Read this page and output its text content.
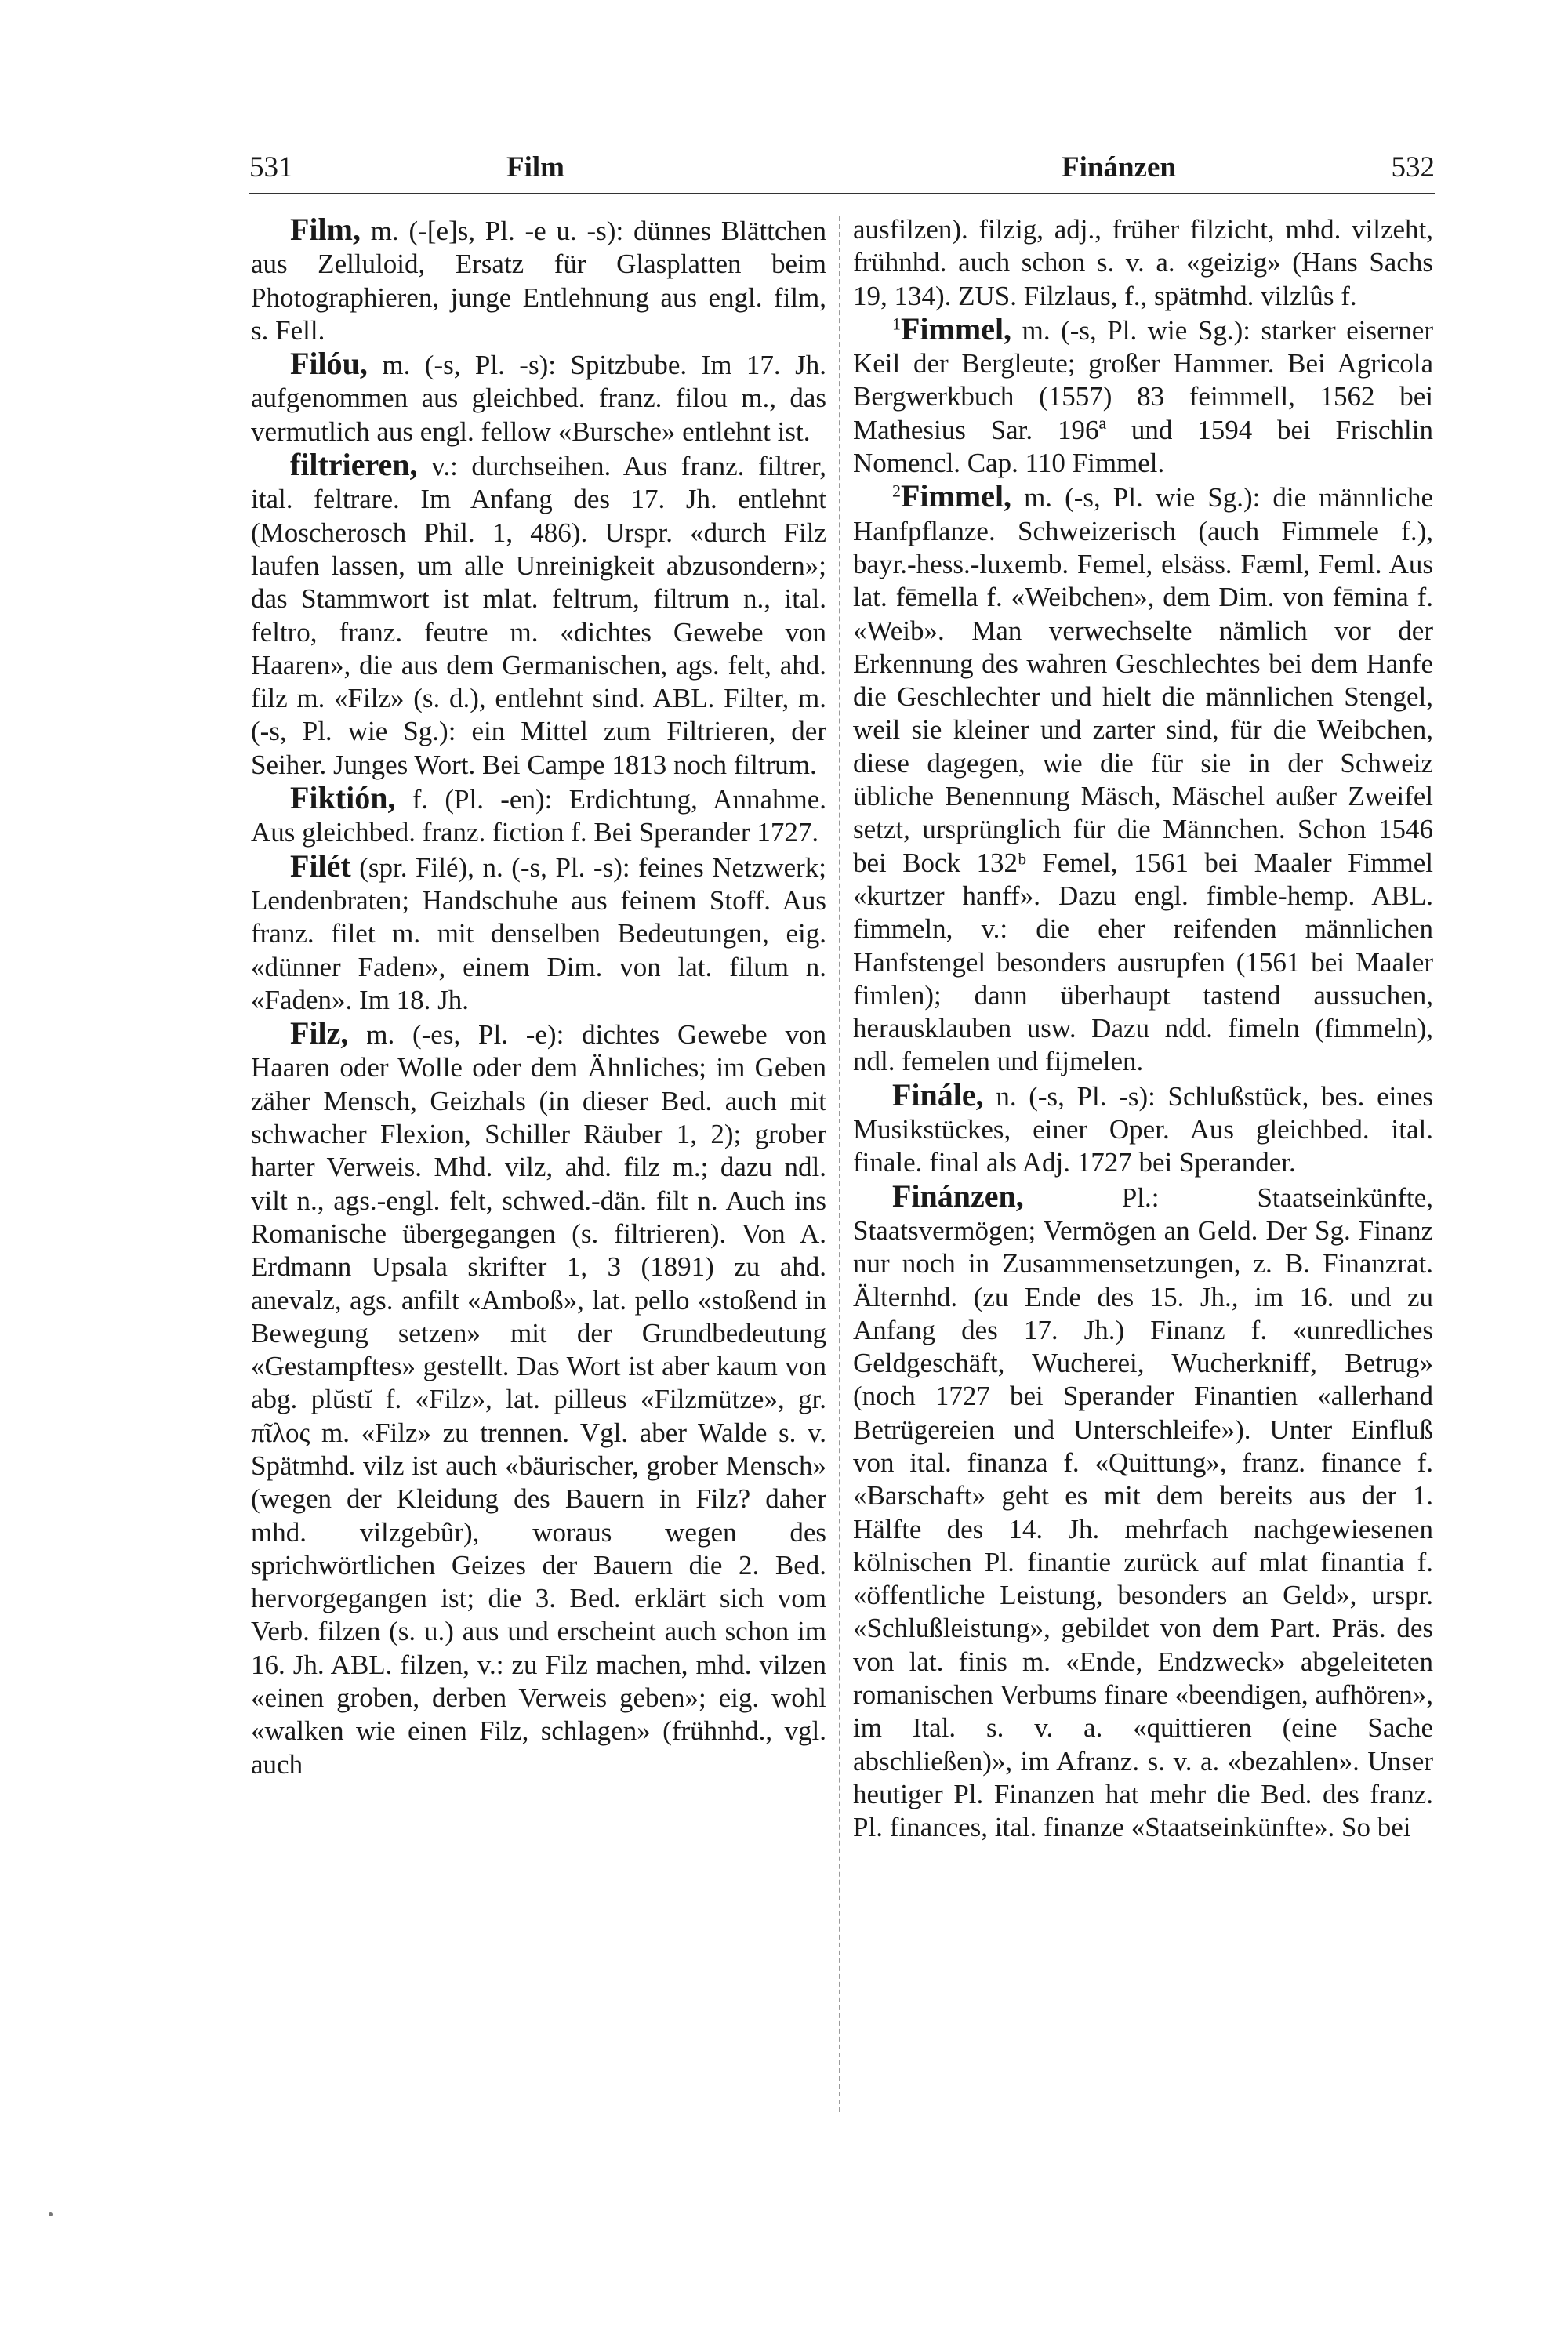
531	Film	Finánzen	532

Film, m. (-[e]s, Pl. -e u. -s): dünnes Blättchen aus Zelluloid, Ersatz für Glasplatten beim Photographieren, junge Entlehnung aus engl. film, s. Fell.

Filóu, m. (-s, Pl. -s): Spitzbube. Im 17. Jh. aufgenommen aus gleichbed. franz. filou m., das vermutlich aus engl. fellow «Bursche» entlehnt ist.

filtrieren, v.: durchseihen. Aus franz. filtrer, ital. feltrare. Im Anfang des 17. Jh. entlehnt (Moscherosch Phil. 1, 486). Urspr. «durch Filz laufen lassen, um alle Unreinigkeit abzusondern»; das Stammwort ist mlat. feltrum, filtrum n., ital. feltro, franz. feutre m. «dichtes Gewebe von Haaren», die aus dem Germanischen, ags. felt, ahd. filz m. «Filz» (s. d.), entlehnt sind. ABL. Filter, m. (-s, Pl. wie Sg.): ein Mittel zum Filtrieren, der Seiher. Junges Wort. Bei Campe 1813 noch filtrum.

Fiktión, f. (Pl. -en): Erdichtung, Annahme. Aus gleichbed. franz. fiction f. Bei Sperander 1727.

Filét (spr. Filé), n. (-s, Pl. -s): feines Netzwerk; Lendenbraten; Handschuhe aus feinem Stoff. Aus franz. filet m. mit denselben Bedeutungen, eig. «dünner Faden», einem Dim. von lat. filum n. «Faden». Im 18. Jh.

Filz, m. (-es, Pl. -e): dichtes Gewebe von Haaren oder Wolle oder dem Ähnliches; im Geben zäher Mensch, Geizhals (in dieser Bed. auch mit schwacher Flexion, Schiller Räuber 1, 2); grober harter Verweis. Mhd. vilz, ahd. filz m.; dazu ndl. vilt n., ags.-engl. felt, schwed.-dän. filt n. Auch ins Romanische übergegangen (s. filtrieren). Von A. Erdmann Upsala skrifter 1, 3 (1891) zu ahd. anevalz, ags. anfilt «Amboß», lat. pello «stoßend in Bewegung setzen» mit der Grundbedeutung «Gestampftes» gestellt. Das Wort ist aber kaum von abg. plŭstĭ f. «Filz», lat. pilleus «Filzmütze», gr. πῖλος m. «Filz» zu trennen. Vgl. aber Walde s. v. Spätmhd. vilz ist auch «bäurischer, grober Mensch» (wegen der Kleidung des Bauern in Filz? daher mhd. vilzgebûr), woraus wegen des sprichwörtlichen Geizes der Bauern die 2. Bed. hervorgegangen ist; die 3. Bed. erklärt sich vom Verb. filzen (s. u.) aus und erscheint auch schon im 16. Jh. ABL. filzen, v.: zu Filz machen, mhd. vilzen «einen groben, derben Verweis geben»; eig. wohl «walken wie einen Filz, schlagen» (frühnhd., vgl. auch

ausfilzen). filzig, adj., früher filzicht, mhd. vilzeht, frühnhd. auch schon s. v. a. «geizig» (Hans Sachs 19, 134). ZUS. Filzlaus, f., spätmhd. vilzlûs f.

$^1$Fimmel, m. (-s, Pl. wie Sg.): starker eiserner Keil der Bergleute; großer Hammer. Bei Agricola Bergwerkbuch (1557) 83 feimmell, 1562 bei Mathesius Sar. 196ª und 1594 bei Frischlin Nomencl. Cap. 110 Fimmel.

$^2$Fimmel, m. (-s, Pl. wie Sg.): die männliche Hanfpflanze. Schweizerisch (auch Fimmele f.), bayr.-hess.-luxemb. Femel, elsäss. Fæml, Feml. Aus lat. fēmella f. «Weibchen», dem Dim. von fēmina f. «Weib». Man verwechselte nämlich vor der Erkennung des wahren Geschlechtes bei dem Hanfe die Geschlechter und hielt die männlichen Stengel, weil sie kleiner und zarter sind, für die Weibchen, diese dagegen, wie die für sie in der Schweiz übliche Benennung Mäsch, Mäschel außer Zweifel setzt, ursprünglich für die Männchen. Schon 1546 bei Bock 132ᵇ Femel, 1561 bei Maaler Fimmel «kurtzer hanff». Dazu engl. fimble-hemp. ABL. fimmeln, v.: die eher reifenden männlichen Hanfstengel besonders ausrupfen (1561 bei Maaler fimlen); dann überhaupt tastend aussuchen, herausklauben usw. Dazu ndd. fimeln (fimmeln), ndl. femelen und fijmelen.

Finále, n. (-s, Pl. -s): Schlußstück, bes. eines Musikstückes, einer Oper. Aus gleichbed. ital. finale. final als Adj. 1727 bei Sperander.

Finánzen, Pl.: Staatseinkünfte, Staatsvermögen; Vermögen an Geld. Der Sg. Finanz nur noch in Zusammensetzungen, z. B. Finanzrat. Älternhd. (zu Ende des 15. Jh., im 16. und zu Anfang des 17. Jh.) Finanz f. «unredliches Geldgeschäft, Wucherei, Wucherkniff, Betrug» (noch 1727 bei Sperander Finantien «allerhand Betrügereien und Unterschleife»). Unter Einfluß von ital. finanza f. «Quittung», franz. finance f. «Barschaft» geht es mit dem bereits aus der 1. Hälfte des 14. Jh. mehrfach nachgewiesenen kölnischen Pl. finantie zurück auf mlat finantia f. «öffentliche Leistung, besonders an Geld», urspr. «Schlußleistung», gebildet von dem Part. Präs. des von lat. finis m. «Ende, Endzweck» abgeleiteten romanischen Verbums finare «beendigen, aufhören», im Ital. s. v. a. «quittieren (eine Sache abschließen)», im Afranz. s. v. a. «bezahlen». Unser heutiger Pl. Finanzen hat mehr die Bed. des franz. Pl. finances, ital. finanze «Staatseinkünfte». So bei
